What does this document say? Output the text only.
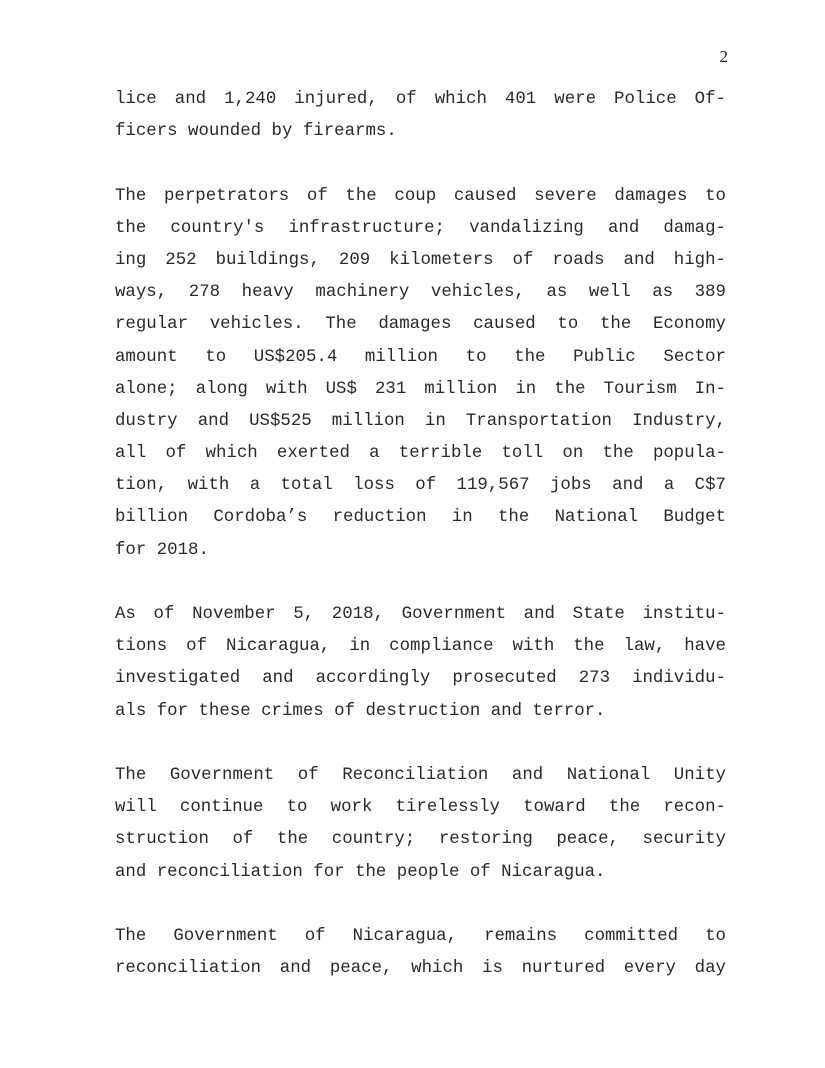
2
lice and 1,240 injured, of which 401 were Police Of-
ficers wounded by firearms.
The perpetrators of the coup caused severe damages to
the country's infrastructure; vandalizing and damag-
ing 252 buildings, 209 kilometers of roads and high-
ways, 278 heavy machinery vehicles, as well as 389
regular vehicles. The damages caused to the Economy
amount to US$205.4 million to the Public Sector
alone; along with US$ 231 million in the Tourism In-
dustry and US$525 million in Transportation Industry,
all of which exerted a terrible toll on the popula-
tion, with a total loss of 119,567 jobs and a C$7
billion Cordoba’s reduction in the National Budget
for 2018.
As of November 5, 2018, Government and State institu-
tions of Nicaragua, in compliance with the law, have
investigated and accordingly prosecuted 273 individu-
als for these crimes of destruction and terror.
The Government of Reconciliation and National Unity
will continue to work tirelessly toward the recon-
struction of the country; restoring peace, security
and reconciliation for the people of Nicaragua.
The Government of Nicaragua, remains committed to
reconciliation and peace, which is nurtured every day
